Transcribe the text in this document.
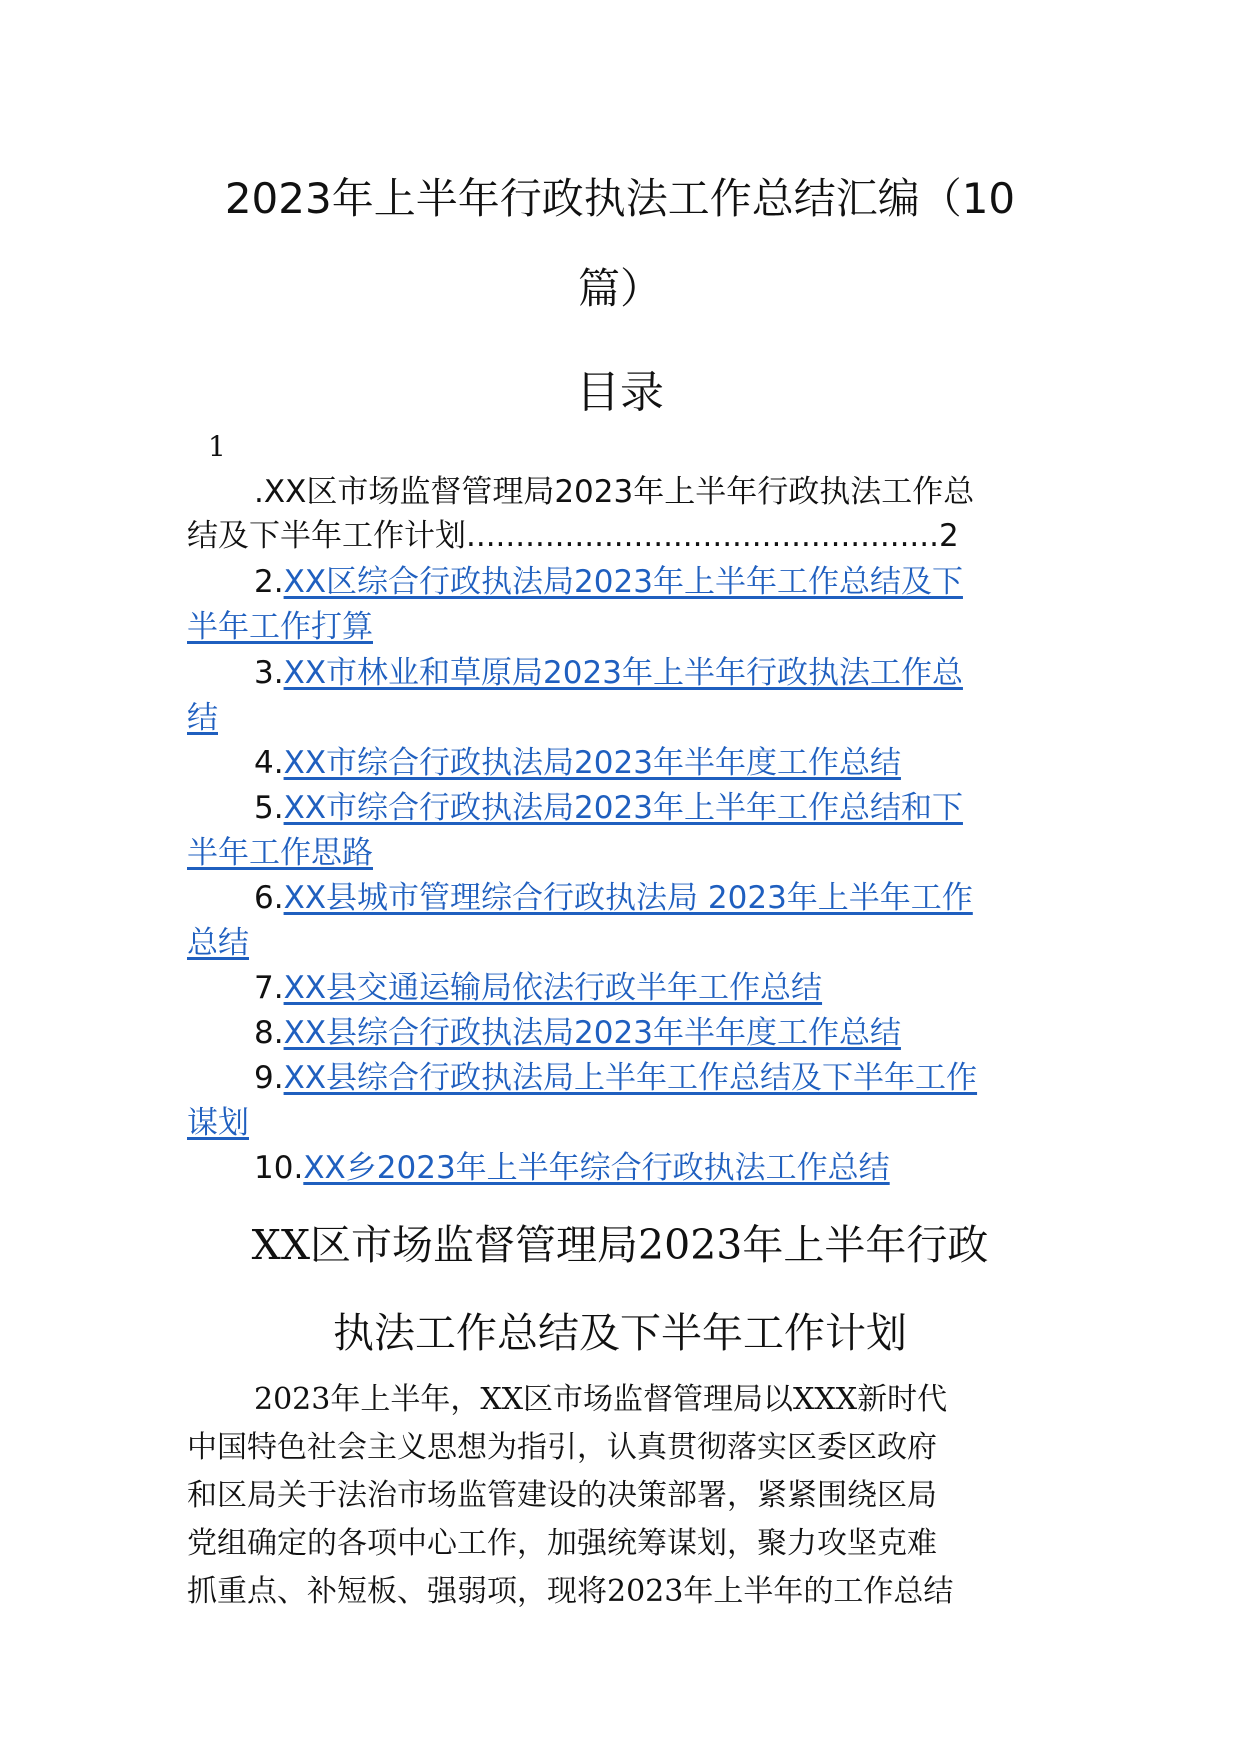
2023年上半年行政执法工作总结汇编（10
篇）
目录
1
.XX区市场监督管理局2023年上半年行政执法工作总
结及下半年工作计划................................................2
2.XX区综合行政执法局2023年上半年工作总结及下
半年工作打算
3.XX市林业和草原局2023年上半年行政执法工作总
结
4.XX市综合行政执法局2023年半年度工作总结
5.XX市综合行政执法局2023年上半年工作总结和下
半年工作思路
6.XX县城市管理综合行政执法局 2023年上半年工作
总结
7.XX县交通运输局依法行政半年工作总结
8.XX县综合行政执法局2023年半年度工作总结
9.XX县综合行政执法局上半年工作总结及下半年工作
谋划
10.XX乡2023年上半年综合行政执法工作总结
XX区市场监督管理局2023年上半年行政
执法工作总结及下半年工作计划
2023年上半年，XX区市场监督管理局以XXX新时代
中国特色社会主义思想为指引，认真贯彻落实区委区政府
和区局关于法治市场监管建设的决策部署，紧紧围绕区局
党组确定的各项中心工作，加强统筹谋划，聚力攻坚克难
抓重点、补短板、强弱项，现将2023年上半年的工作总结
